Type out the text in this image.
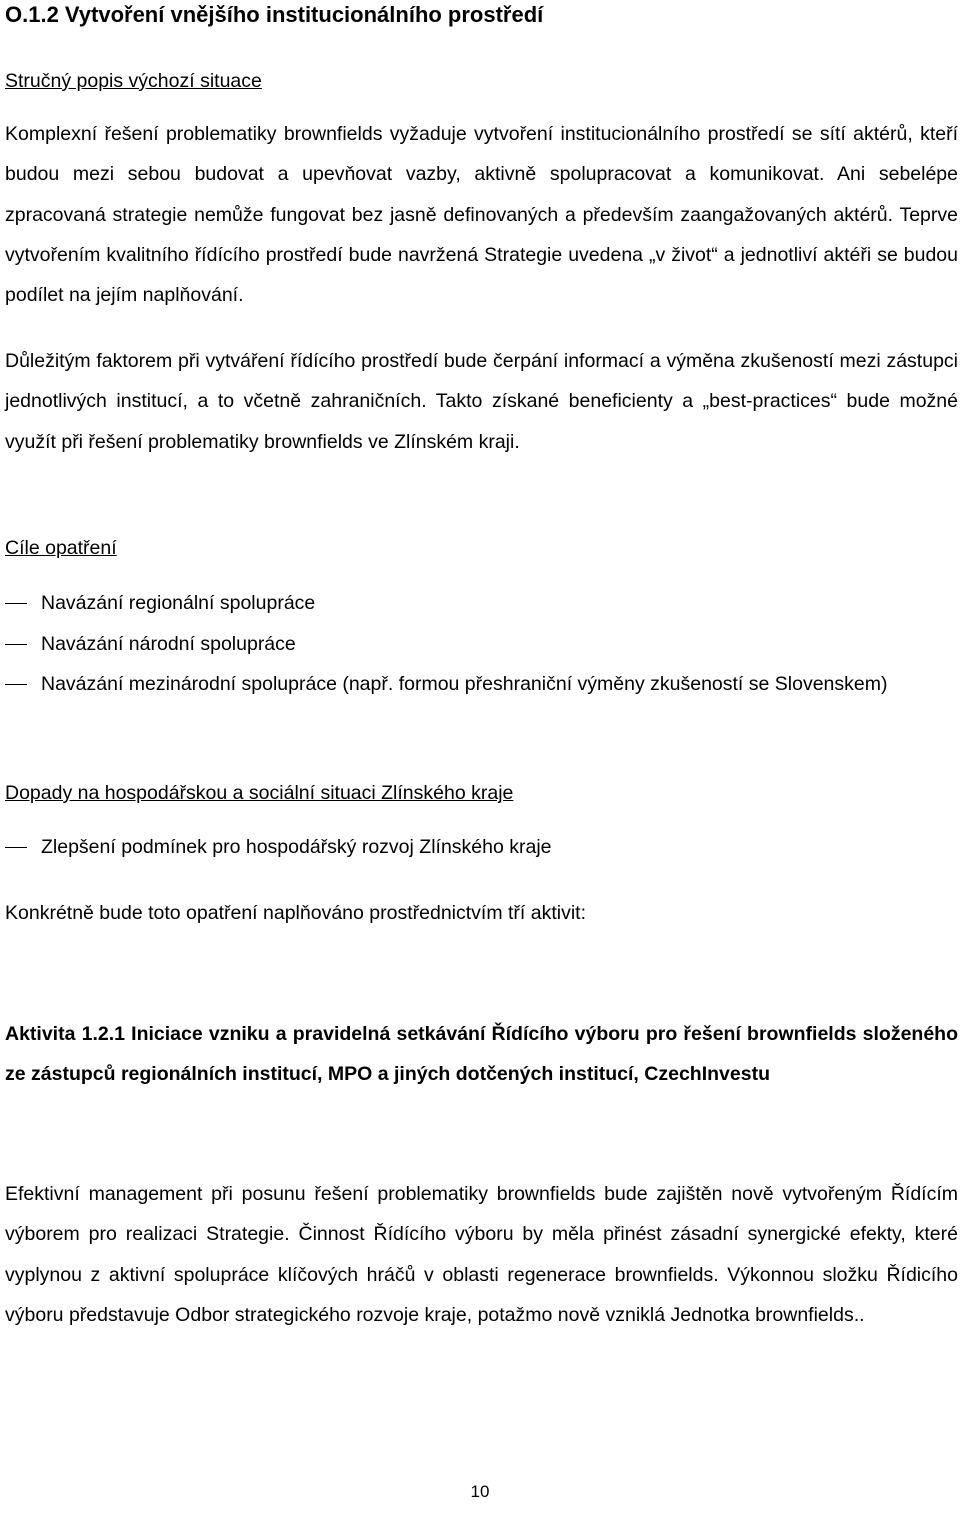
O.1.2 Vytvoření vnějšího institucionálního prostředí
Stručný popis výchozí situace
Komplexní řešení problematiky brownfields vyžaduje vytvoření institucionálního prostředí se sítí aktérů, kteří budou mezi sebou budovat a upevňovat vazby, aktivně spolupracovat a komunikovat. Ani sebelépe zpracovaná strategie nemůže fungovat bez jasně definovaných a především zaangažovaných aktérů. Teprve vytvořením kvalitního řídícího prostředí bude navržená Strategie uvedena „v život“ a jednotliví aktéři se budou podílet na jejím naplňování.
Důležitým faktorem při vytváření řídícího prostředí bude čerpání informací a výměna zkušeností mezi zástupci jednotlivých institucí, a to včetně zahraničních. Takto získané beneficienty a „best-practices“ bude možné využít při řešení problematiky brownfields ve Zlínském kraji.
Cíle opatření
Navázání regionální spolupráce
Navázání národní spolupráce
Navázání mezinárodní spolupráce (např. formou přeshraniční výměny zkušeností se Slovenskem)
Dopady na hospodářskou a sociální situaci Zlínského kraje
Zlepšení podmínek pro hospodářský rozvoj Zlínského kraje
Konkrétně bude toto opatření naplňováno prostřednictvím tří aktivit:
Aktivita 1.2.1 Iniciace vzniku a pravidelná setkávání Řídícího výboru pro řešení brownfields složeného ze zástupců regionálních institucí, MPO a jiných dotčených institucí, CzechInvestu
Efektivní management při posunu řešení problematiky brownfields bude zajištěn nově vytvořeným Řídícím výborem pro realizaci Strategie. Činnost Řídícího výboru by měla přinést zásadní synergické efekty, které vyplynou z aktivní spolupráce klíčových hráčů v oblasti regenerace brownfields. Výkonnou složku Řídicího výboru představuje Odbor strategického rozvoje kraje, potažmo nově vzniklá Jednotka brownfields..
10
